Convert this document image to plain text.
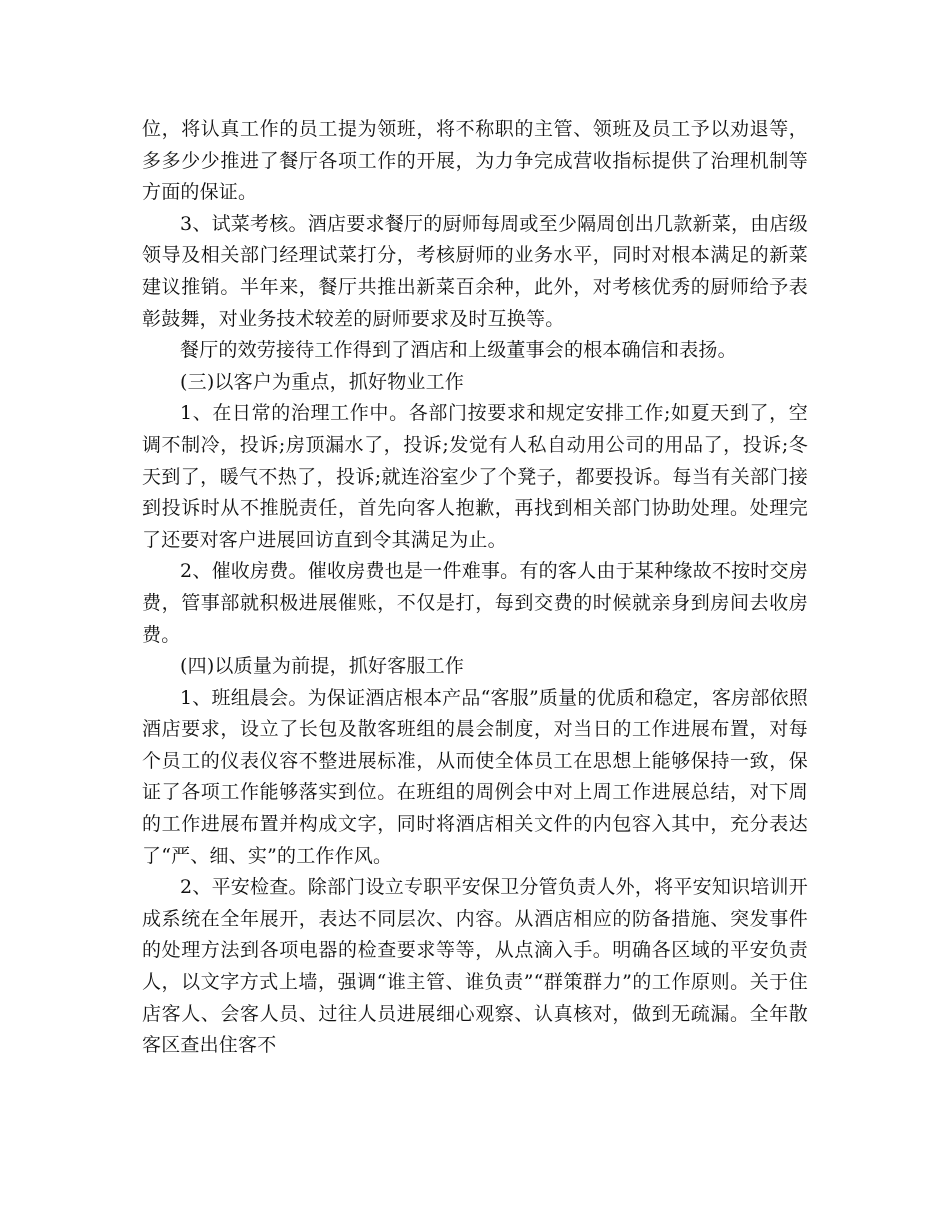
位，将认真工作的员工提为领班，将不称职的主管、领班及员工予以劝退等，多多少少推进了餐厅各项工作的开展，为力争完成营收指标提供了治理机制等方面的保证。

3、试菜考核。酒店要求餐厅的厨师每周或至少隔周创出几款新菜，由店级领导及相关部门经理试菜打分，考核厨师的业务水平，同时对根本满足的新菜建议推销。半年来，餐厅共推出新菜百余种，此外，对考核优秀的厨师给予表彰鼓舞，对业务技术较差的厨师要求及时互换等。

餐厅的效劳接待工作得到了酒店和上级董事会的根本确信和表扬。

(三)以客户为重点，抓好物业工作

1、在日常的治理工作中。各部门按要求和规定安排工作;如夏天到了，空调不制冷，投诉;房顶漏水了，投诉;发觉有人私自动用公司的用品了，投诉;冬天到了，暖气不热了，投诉;就连浴室少了个凳子，都要投诉。每当有关部门接到投诉时从不推脱责任，首先向客人抱歉，再找到相关部门协助处理。处理完了还要对客户进展回访直到令其满足为止。

2、催收房费。催收房费也是一件难事。有的客人由于某种缘故不按时交房费，管事部就积极进展催账，不仅是打，每到交费的时候就亲身到房间去收房费。

(四)以质量为前提，抓好客服工作

1、班组晨会。为保证酒店根本产品“客服”质量的优质和稳定，客房部依照酒店要求，设立了长包及散客班组的晨会制度，对当日的工作进展布置，对每个员工的仪表仪容不整进展标准，从而使全体员工在思想上能够保持一致，保证了各项工作能够落实到位。在班组的周例会中对上周工作进展总结，对下周的工作进展布置并构成文字，同时将酒店相关文件的内包容入其中，充分表达了“严、细、实”的工作作风。

2、平安检查。除部门设立专职平安保卫分管负责人外，将平安知识培训开成系统在全年展开，表达不同层次、内容。从酒店相应的防备措施、突发事件的处理方法到各项电器的检查要求等等，从点滴入手。明确各区域的平安负责人，以文字方式上墙，强调“谁主管、谁负责”“群策群力”的工作原则。关于住店客人、会客人员、过往人员进展细心观察、认真核对，做到无疏漏。全年散客区查出住客不
